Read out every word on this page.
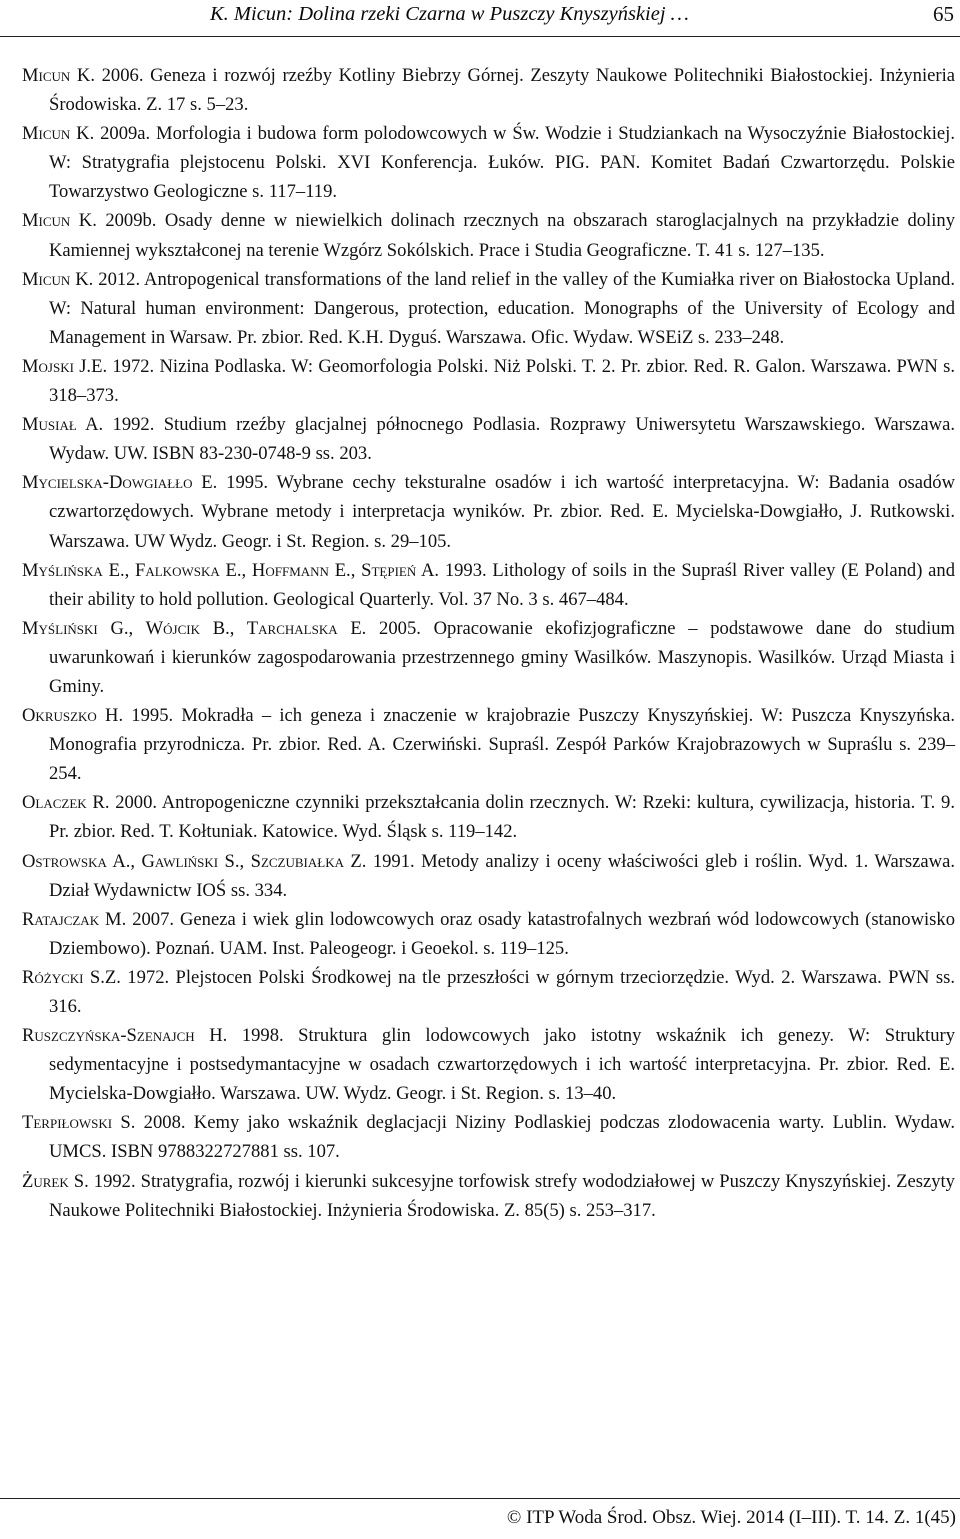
K. Micun: Dolina rzeki Czarna w Puszczy Knyszyńskiej …	65
Micun K. 2006. Geneza i rozwój rzeźby Kotliny Biebrzy Górnej. Zeszyty Naukowe Politechniki Białostockiej. Inżynieria Środowiska. Z. 17 s. 5–23.
Micun K. 2009a. Morfologia i budowa form polodowcowych w Św. Wodzie i Studziankach na Wysoczyźnie Białostockiej. W: Stratygrafia plejstocenu Polski. XVI Konferencja. Łuków. PIG. PAN. Komitet Badań Czwartorzędu. Polskie Towarzystwo Geologiczne s. 117–119.
Micun K. 2009b. Osady denne w niewielkich dolinach rzecznych na obszarach staroglacjalnych na przykładzie doliny Kamiennej wykształconej na terenie Wzgórz Sokólskich. Prace i Studia Geograficzne. T. 41 s. 127–135.
Micun K. 2012. Antropogenical transformations of the land relief in the valley of the Kumiałka river on Białostocka Upland. W: Natural human environment: Dangerous, protection, education. Monographs of the University of Ecology and Management in Warsaw. Pr. zbior. Red. K.H. Dyguś. Warszawa. Ofic. Wydaw. WSEiZ s. 233–248.
Mojski J.E. 1972. Nizina Podlaska. W: Geomorfologia Polski. Niż Polski. T. 2. Pr. zbior. Red. R. Galon. Warszawa. PWN s. 318–373.
Musiał A. 1992. Studium rzeźby glacjalnej północnego Podlasia. Rozprawy Uniwersytetu Warszawskiego. Warszawa. Wydaw. UW. ISBN 83-230-0748-9 ss. 203.
Mycielska-Dowgiałło E. 1995. Wybrane cechy teksturalne osadów i ich wartość interpretacyjna. W: Badania osadów czwartorzędowych. Wybrane metody i interpretacja wyników. Pr. zbior. Red. E. Mycielska-Dowgiałło, J. Rutkowski. Warszawa. UW Wydz. Geogr. i St. Region. s. 29–105.
Myślińska E., Falkowska E., Hoffmann E., Stępień A. 1993. Lithology of soils in the Supraśl River valley (E Poland) and their ability to hold pollution. Geological Quarterly. Vol. 37 No. 3 s. 467–484.
Myśliński G., Wójcik B., Tarchalska E. 2005. Opracowanie ekofizjograficzne – podstawowe dane do studium uwarunkowań i kierunków zagospodarowania przestrzennego gminy Wasilków. Maszynopis. Wasilków. Urząd Miasta i Gminy.
Okruszko H. 1995. Mokradła – ich geneza i znaczenie w krajobrazie Puszczy Knyszyńskiej. W: Puszcza Knyszyńska. Monografia przyrodnicza. Pr. zbior. Red. A. Czerwiński. Supraśl. Zespół Parków Krajobrazowych w Supraślu s. 239–254.
Olaczek R. 2000. Antropogeniczne czynniki przekształcania dolin rzecznych. W: Rzeki: kultura, cywilizacja, historia. T. 9. Pr. zbior. Red. T. Kołtuniak. Katowice. Wyd. Śląsk s. 119–142.
Ostrowska A., Gawliński S., Szczubiałka Z. 1991. Metody analizy i oceny właściwości gleb i roślin. Wyd. 1. Warszawa. Dział Wydawnictw IOŚ ss. 334.
Ratajczak M. 2007. Geneza i wiek glin lodowcowych oraz osady katastrofalnych wezbrań wód lodowcowych (stanowisko Dziembowo). Poznań. UAM. Inst. Paleogeogr. i Geoekol. s. 119–125.
Różycki S.Z. 1972. Plejstocen Polski Środkowej na tle przeszłości w górnym trzeciorzędzie. Wyd. 2. Warszawa. PWN ss. 316.
Ruszczyńska-Szenajch H. 1998. Struktura glin lodowcowych jako istotny wskaźnik ich genezy. W: Struktury sedymentacyjne i postsedymantacyjne w osadach czwartorzędowych i ich wartość interpretacyjna. Pr. zbior. Red. E. Mycielska-Dowgiałło. Warszawa. UW. Wydz. Geogr. i St. Region. s. 13–40.
Terpiłowski S. 2008. Kemy jako wskaźnik deglacjacji Niziny Podlaskiej podczas zlodowacenia warty. Lublin. Wydaw. UMCS. ISBN 9788322727881 ss. 107.
Żurek S. 1992. Stratygrafia, rozwój i kierunki sukcesyjne torfowisk strefy wododziałowej w Puszczy Knyszyńskiej. Zeszyty Naukowe Politechniki Białostockiej. Inżynieria Środowiska. Z. 85(5) s. 253–317.
© ITP Woda Środ. Obsz. Wiej. 2014 (I–III). T. 14. Z. 1(45)
